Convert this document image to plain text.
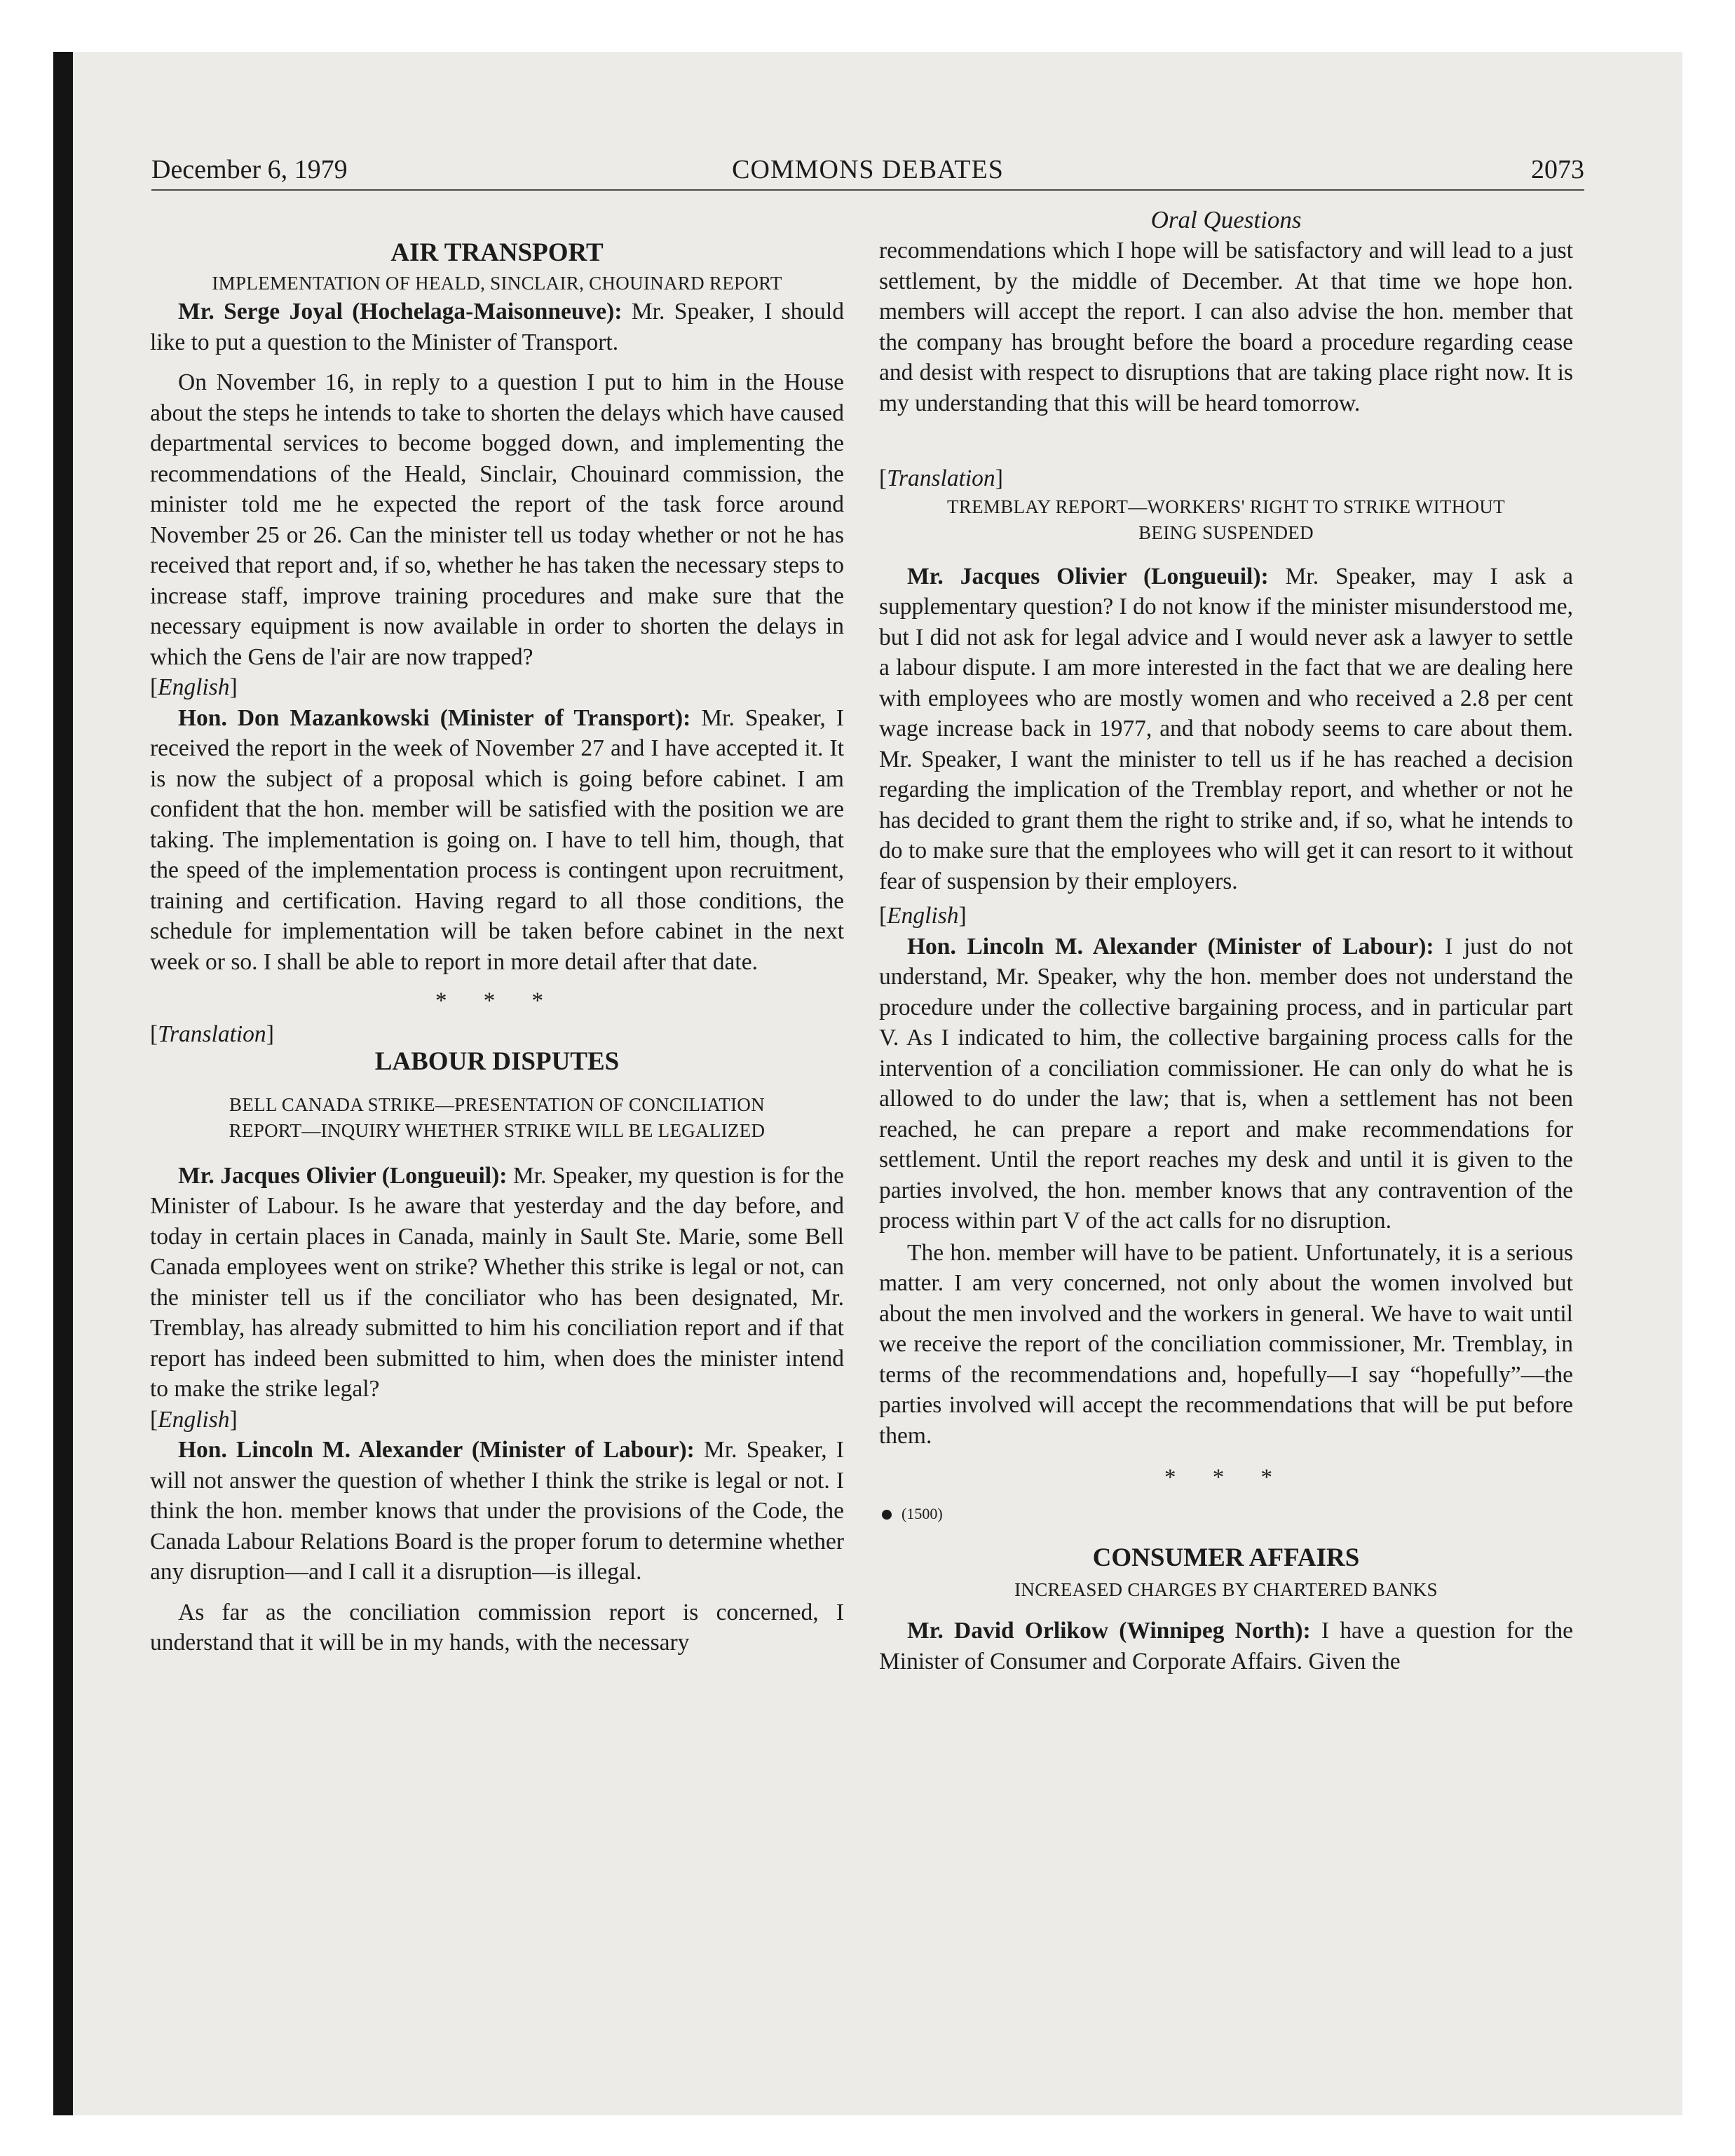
December 6, 1979	COMMONS DEBATES	2073

AIR TRANSPORT

IMPLEMENTATION OF HEALD, SINCLAIR, CHOUINARD REPORT

Mr. Serge Joyal (Hochelaga-Maisonneuve): Mr. Speaker, I should like to put a question to the Minister of Transport.

On November 16, in reply to a question I put to him in the House about the steps he intends to take to shorten the delays which have caused departmental services to become bogged down, and implementing the recommendations of the Heald, Sinclair, Chouinard commission, the minister told me he expected the report of the task force around November 25 or 26. Can the minister tell us today whether or not he has received that report and, if so, whether he has taken the necessary steps to increase staff, improve training procedures and make sure that the necessary equipment is now available in order to shorten the delays in which the Gens de l'air are now trapped?

[English]

Hon. Don Mazankowski (Minister of Transport): Mr. Speaker, I received the report in the week of November 27 and I have accepted it. It is now the subject of a proposal which is going before cabinet. I am confident that the hon. member will be satisfied with the position we are taking. The implementation is going on. I have to tell him, though, that the speed of the implementation process is contingent upon recruitment, training and certification. Having regard to all those conditions, the schedule for implementation will be taken before cabinet in the next week or so. I shall be able to report in more detail after that date.

* * *

[Translation]

LABOUR DISPUTES

BELL CANADA STRIKE—PRESENTATION OF CONCILIATION

REPORT—INQUIRY WHETHER STRIKE WILL BE LEGALIZED

Mr. Jacques Olivier (Longueuil): Mr. Speaker, my question is for the Minister of Labour. Is he aware that yesterday and the day before, and today in certain places in Canada, mainly in Sault Ste. Marie, some Bell Canada employees went on strike? Whether this strike is legal or not, can the minister tell us if the conciliator who has been designated, Mr. Tremblay, has already submitted to him his conciliation report and if that report has indeed been submitted to him, when does the minister intend to make the strike legal?

[English]

Hon. Lincoln M. Alexander (Minister of Labour): Mr. Speaker, I will not answer the question of whether I think the strike is legal or not. I think the hon. member knows that under the provisions of the Code, the Canada Labour Relations Board is the proper forum to determine whether any disruption—and I call it a disruption—is illegal.

As far as the conciliation commission report is concerned, I understand that it will be in my hands, with the necessary

Oral Questions

recommendations which I hope will be satisfactory and will lead to a just settlement, by the middle of December. At that time we hope hon. members will accept the report. I can also advise the hon. member that the company has brought before the board a procedure regarding cease and desist with respect to disruptions that are taking place right now. It is my understanding that this will be heard tomorrow.

[Translation]

TREMBLAY REPORT—WORKERS' RIGHT TO STRIKE WITHOUT

BEING SUSPENDED

Mr. Jacques Olivier (Longueuil): Mr. Speaker, may I ask a supplementary question? I do not know if the minister misunderstood me, but I did not ask for legal advice and I would never ask a lawyer to settle a labour dispute. I am more interested in the fact that we are dealing here with employees who are mostly women and who received a 2.8 per cent wage increase back in 1977, and that nobody seems to care about them. Mr. Speaker, I want the minister to tell us if he has reached a decision regarding the implication of the Tremblay report, and whether or not he has decided to grant them the right to strike and, if so, what he intends to do to make sure that the employees who will get it can resort to it without fear of suspension by their employers.

[English]

Hon. Lincoln M. Alexander (Minister of Labour): I just do not understand, Mr. Speaker, why the hon. member does not understand the procedure under the collective bargaining process, and in particular part V. As I indicated to him, the collective bargaining process calls for the intervention of a conciliation commissioner. He can only do what he is allowed to do under the law; that is, when a settlement has not been reached, he can prepare a report and make recommendations for settlement. Until the report reaches my desk and until it is given to the parties involved, the hon. member knows that any contravention of the process within part V of the act calls for no disruption.

The hon. member will have to be patient. Unfortunately, it is a serious matter. I am very concerned, not only about the women involved but about the men involved and the workers in general. We have to wait until we receive the report of the conciliation commissioner, Mr. Tremblay, in terms of the recommendations and, hopefully—I say “hopefully”—the parties involved will accept the recommendations that will be put before them.

* * *

(1500)

CONSUMER AFFAIRS

INCREASED CHARGES BY CHARTERED BANKS

Mr. David Orlikow (Winnipeg North): I have a question for the Minister of Consumer and Corporate Affairs. Given the
